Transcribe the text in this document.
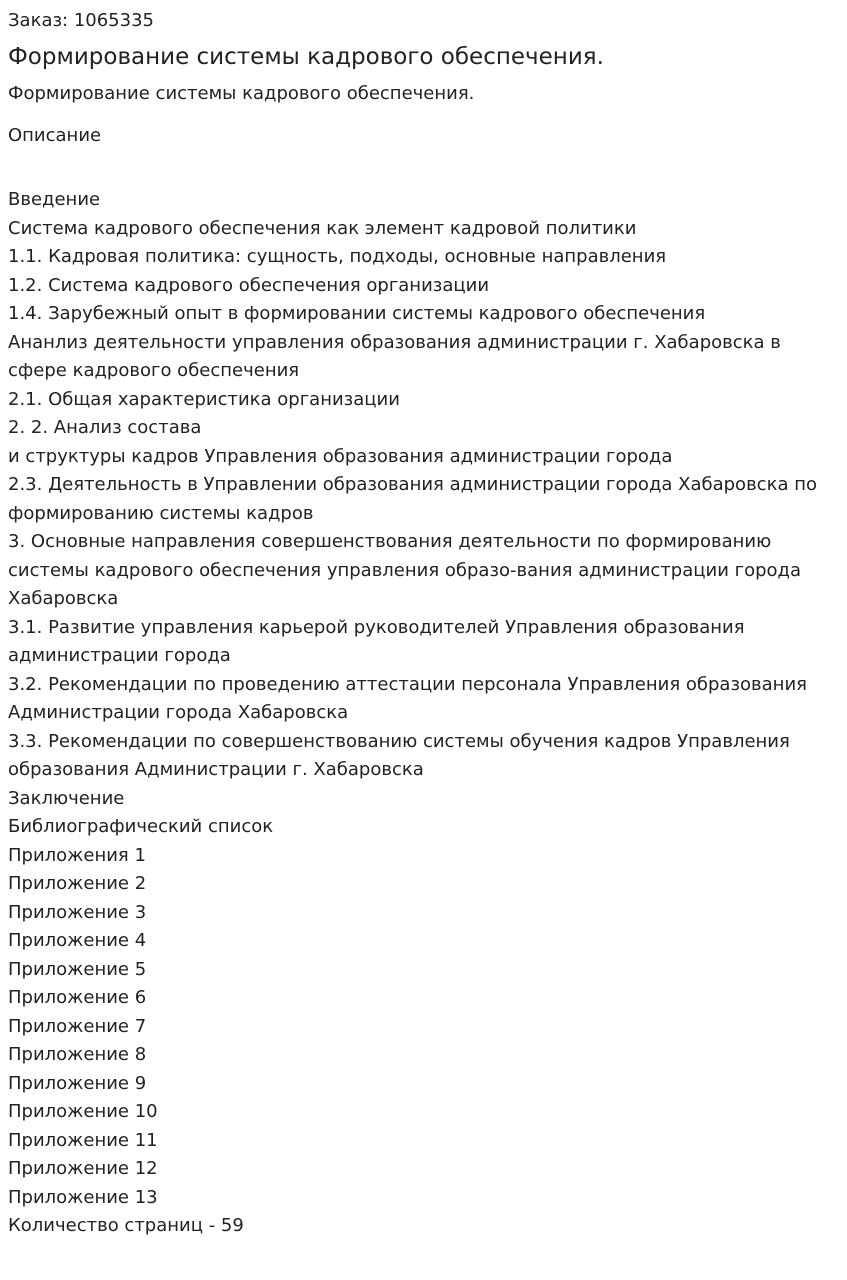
Заказ: 1065335

Формирование системы кадрового обеспечения.

Формирование системы кадрового обеспечения.

Описание

Введение
Система кадрового обеспечения как элемент кадровой политики
1.1. Кадровая политика: сущность, подходы, основные направления
1.2. Система кадрового обеспечения организации
1.4. Зарубежный опыт в формировании системы кадрового обеспечения
Ананлиз деятельности управления образования администрации г. Хабаровска в сфере кадрового обеспечения
2.1. Общая характеристика организации
2. 2. Анализ состава
и структуры кадров Управления образования администрации города
2.3. Деятельность в Управлении образования администрации города Хабаровска по формированию системы кадров
3. Основные направления совершенствования деятельности по формированию системы кадрового обеспечения управления образо-вания администрации города Хабаровска
3.1. Развитие управления карьерой руководителей Управления образования администрации города
3.2. Рекомендации по проведению аттестации персонала Управления образования Администрации города Хабаровска
3.3. Рекомендации по совершенствованию системы обучения кадров Управления образования Администрации г. Хабаровска
Заключение
Библиографический список
Приложения 1
Приложение 2
Приложение 3
Приложение 4
Приложение 5
Приложение 6
Приложение 7
Приложение 8
Приложение 9
Приложение 10
Приложение 11
Приложение 12
Приложение 13
Количество страниц - 59
